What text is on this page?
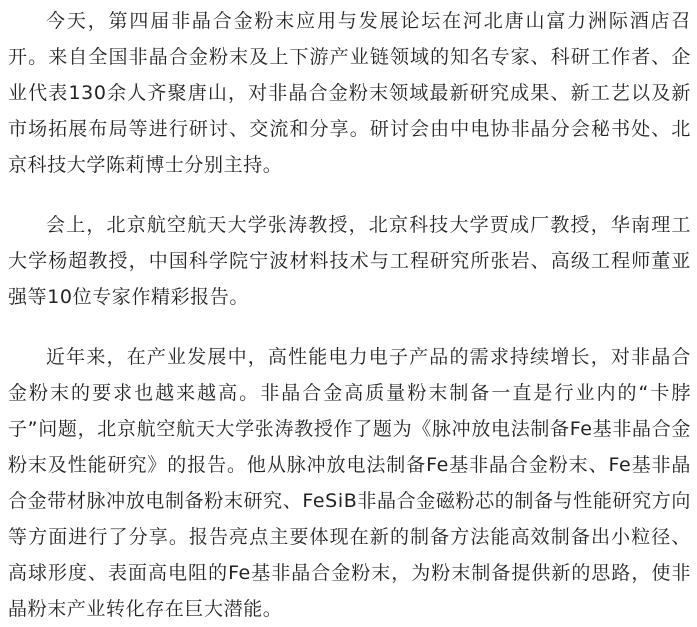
今天，第四届非晶合金粉末应用与发展论坛在河北唐山富力洲际酒店召开。来自全国非晶合金粉末及上下游产业链领域的知名专家、科研工作者、企业代表130余人齐聚唐山，对非晶合金粉末领域最新研究成果、新工艺以及新市场拓展布局等进行研讨、交流和分享。研讨会由中电协非晶分会秘书处、北京科技大学陈莉博士分别主持。

会上，北京航空航天大学张涛教授，北京科技大学贾成厂教授，华南理工大学杨超教授，中国科学院宁波材料技术与工程研究所张岩、高级工程师董亚强等10位专家作精彩报告。

近年来，在产业发展中，高性能电力电子产品的需求持续增长，对非晶合金粉末的要求也越来越高。非晶合金高质量粉末制备一直是行业内的“卡脖子”问题，北京航空航天大学张涛教授作了题为《脉冲放电法制备Fe基非晶合金粉末及性能研究》的报告。他从脉冲放电法制备Fe基非晶合金粉末、Fe基非晶合金带材脉冲放电制备粉末研究、FeSiB非晶合金磁粉芯的制备与性能研究方向等方面进行了分享。报告亮点主要体现在新的制备方法能高效制备出小粒径、高球形度、表面高电阻的Fe基非晶合金粉末，为粉末制备提供新的思路，使非晶粉末产业转化存在巨大潜能。
